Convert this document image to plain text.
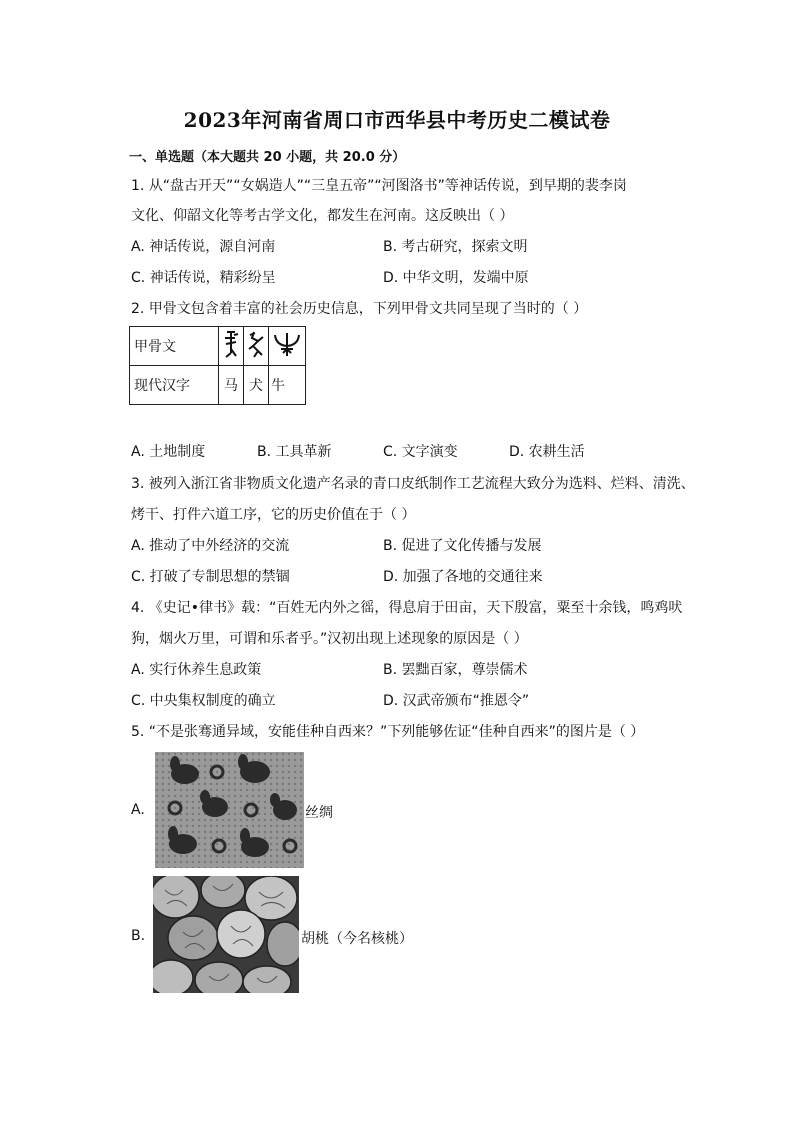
2023年河南省周口市西华县中考历史二模试卷
一、单选题（本大题共 20 小题，共 20.0 分）
1. 从“盘古开天”“女娲造人”“三皇五帝”“河图洛书”等神话传说，到早期的裴李岗
文化、仰韶文化等考古学文化，都发生在河南。这反映出（ ）
A. 神话传说，源自河南	B. 考古研究，探索文明
C. 神话传说，精彩纷呈	D. 中华文明，发端中原
2. 甲骨文包含着丰富的社会历史信息，下列甲骨文共同呈现了当时的（ ）
甲骨文			
现代汉字	马	犬	牛
A. 土地制度	B. 工具革新	C. 文字演变	D. 农耕生活
3. 被列入浙江省非物质文化遗产名录的青口皮纸制作工艺流程大致分为选料、烂料、清洗、
烤干、打件六道工序，它的历史价值在于（ ）
A. 推动了中外经济的交流	B. 促进了文化传播与发展
C. 打破了专制思想的禁锢	D. 加强了各地的交通往来
4. 《史记•律书》载：“百姓无内外之徭，得息肩于田亩，天下殷富，粟至十余钱，鸣鸡吠
狗，烟火万里，可谓和乐者乎。”汉初出现上述现象的原因是（ ）
A. 实行休养生息政策	B. 罢黜百家，尊崇儒术
C. 中央集权制度的确立	D. 汉武帝颁布“推恩令”
5. “不是张骞通异域，安能佳种自西来？”下列能够佐证“佳种自西来”的图片是（ ）
A.	丝绸
B.	胡桃（今名核桃）
